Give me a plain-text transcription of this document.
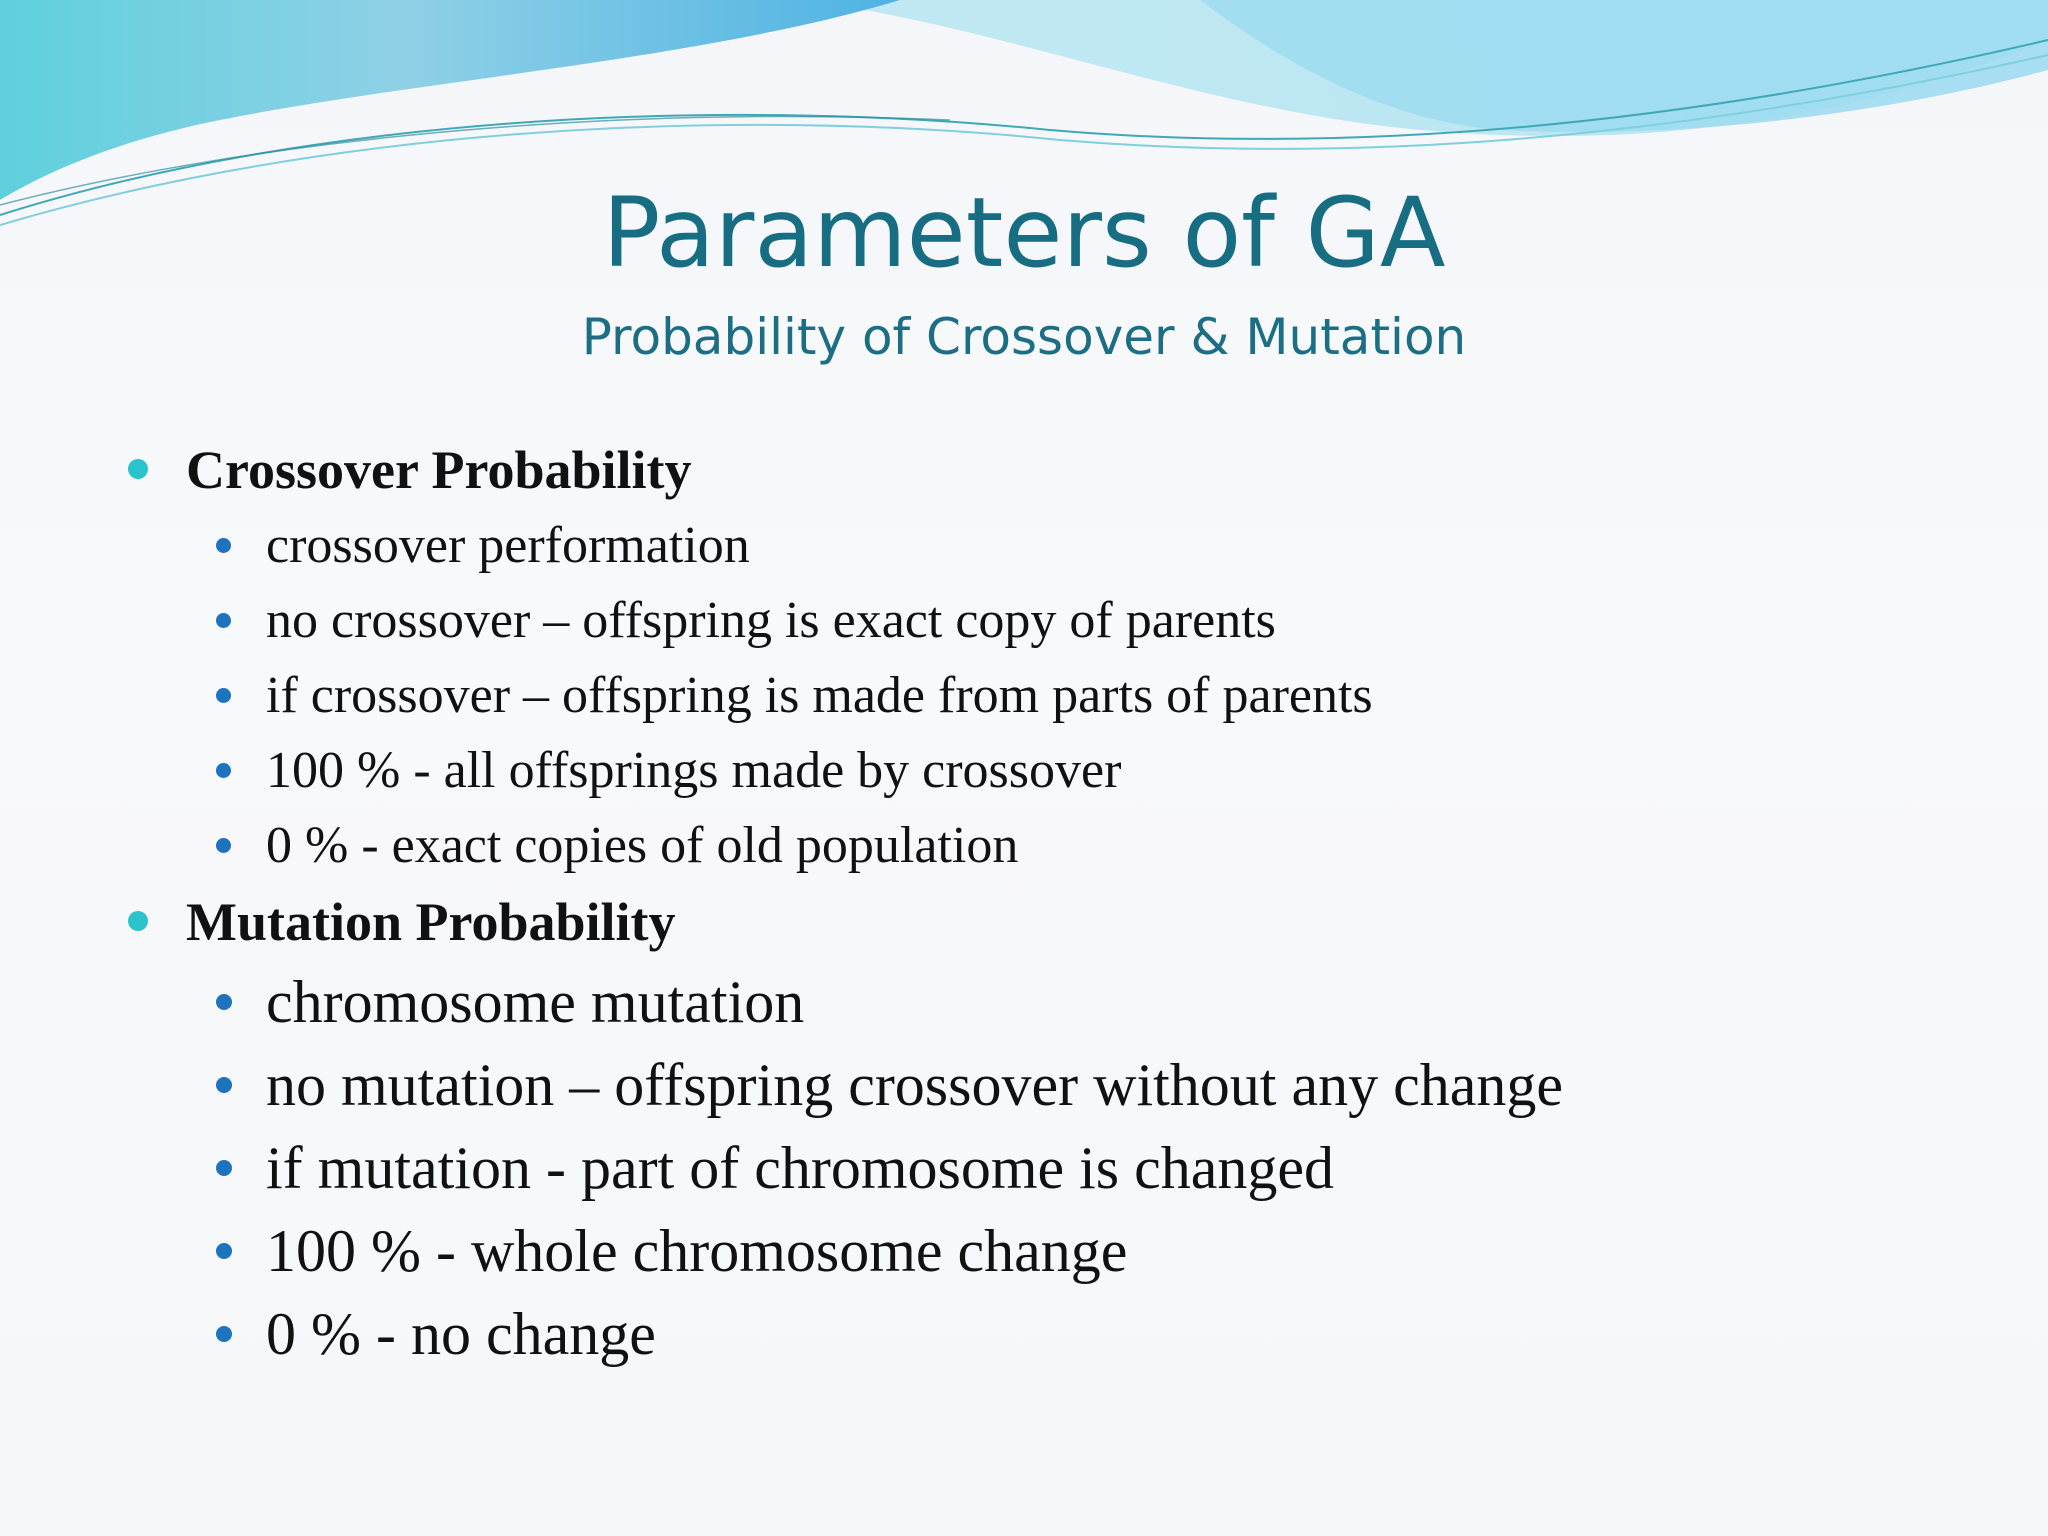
Parameters of GA
Probability of Crossover & Mutation
Crossover Probability
crossover performation
no crossover – offspring is exact copy of parents
if crossover – offspring is made from parts of parents
100 % - all offsprings made by crossover
0 % - exact copies of old population
Mutation Probability
chromosome mutation
no mutation – offspring crossover without any change
if mutation - part of chromosome is changed
100 % - whole chromosome change
0 % - no change
